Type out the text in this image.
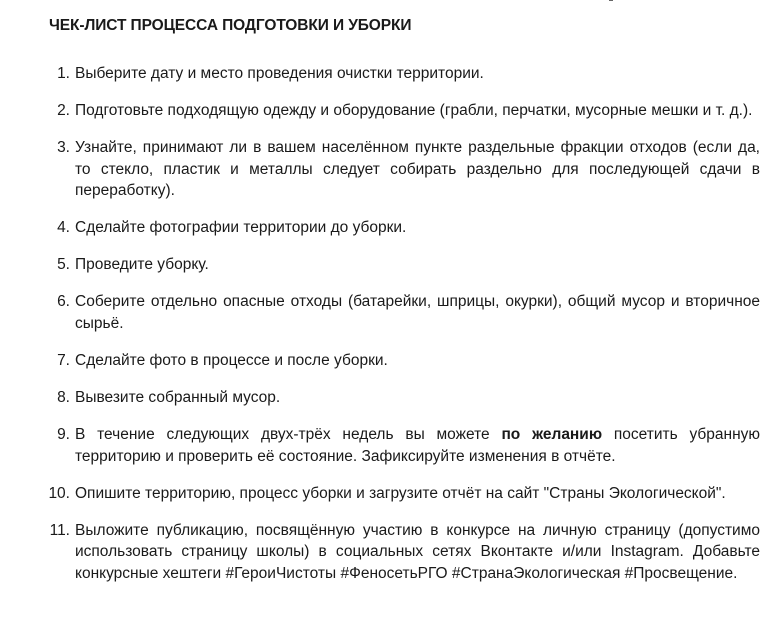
ЧЕК-ЛИСТ ПРОЦЕССА ПОДГОТОВКИ И УБОРКИ
1. Выберите дату и место проведения очистки территории.
2. Подготовьте подходящую одежду и оборудование (грабли, перчатки, мусорные мешки и т. д.).
3. Узнайте, принимают ли в вашем населённом пункте раздельные фракции отходов (если да, то стекло, пластик и металлы следует собирать раздельно для последующей сдачи в переработку).
4. Сделайте фотографии территории до уборки.
5. Проведите уборку.
6. Соберите отдельно опасные отходы (батарейки, шприцы, окурки), общий мусор и вторичное сырьё.
7. Сделайте фото в процессе и после уборки.
8. Вывезите собранный мусор.
9. В течение следующих двух-трёх недель вы можете по желанию посетить убранную территорию и проверить её состояние. Зафиксируйте изменения в отчёте.
10. Опишите территорию, процесс уборки и загрузите отчёт на сайт "Страны Экологической".
11. Выложите публикацию, посвящённую участию в конкурсе на личную страницу (допустимо использовать страницу школы) в социальных сетях Вконтакте и/или Instagram. Добавьте конкурсные хештеги #ГероиЧистоты #ФеносетьРГО #СтранаЭкологическая #Просвещение.
